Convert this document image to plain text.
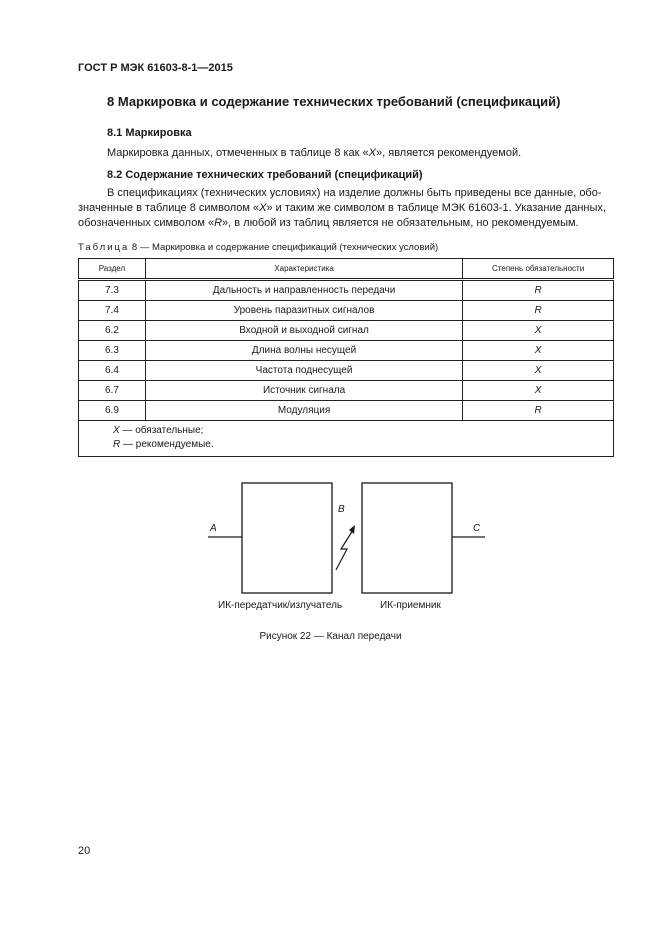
ГОСТ Р МЭК 61603-8-1—2015
8 Маркировка и содержание технических требований (спецификаций)
8.1 Маркировка
Маркировка данных, отмеченных в таблице 8 как «X», является рекомендуемой.
8.2 Содержание технических требований (спецификаций)
В спецификациях (технических условиях) на изделие должны быть приведены все данные, обо-
значенные в таблице 8 символом «X» и таким же символом в таблице МЭК 61603-1. Указание данных,
обозначенных символом «R», в любой из таблиц является не обязательным, но рекомендуемым.
Таблица 8 — Маркировка и содержание спецификаций (технических условий)
Раздел	Характеристика	Степень обязательности
7.3	Дальность и направленность передачи	R
7.4	Уровень паразитных сигналов	R
6.2	Входной и выходной сигнал	X
6.3	Длина волны несущей	X
6.4	Частота поднесущей	X
6.7	Источник сигнала	X
6.9	Модуляция	R

X — обязательные;
R — рекомендуемые.		
A
B
C
ИК-передатчик/излучатель	ИК-приемник
Рисунок 22 — Канал передачи
20
